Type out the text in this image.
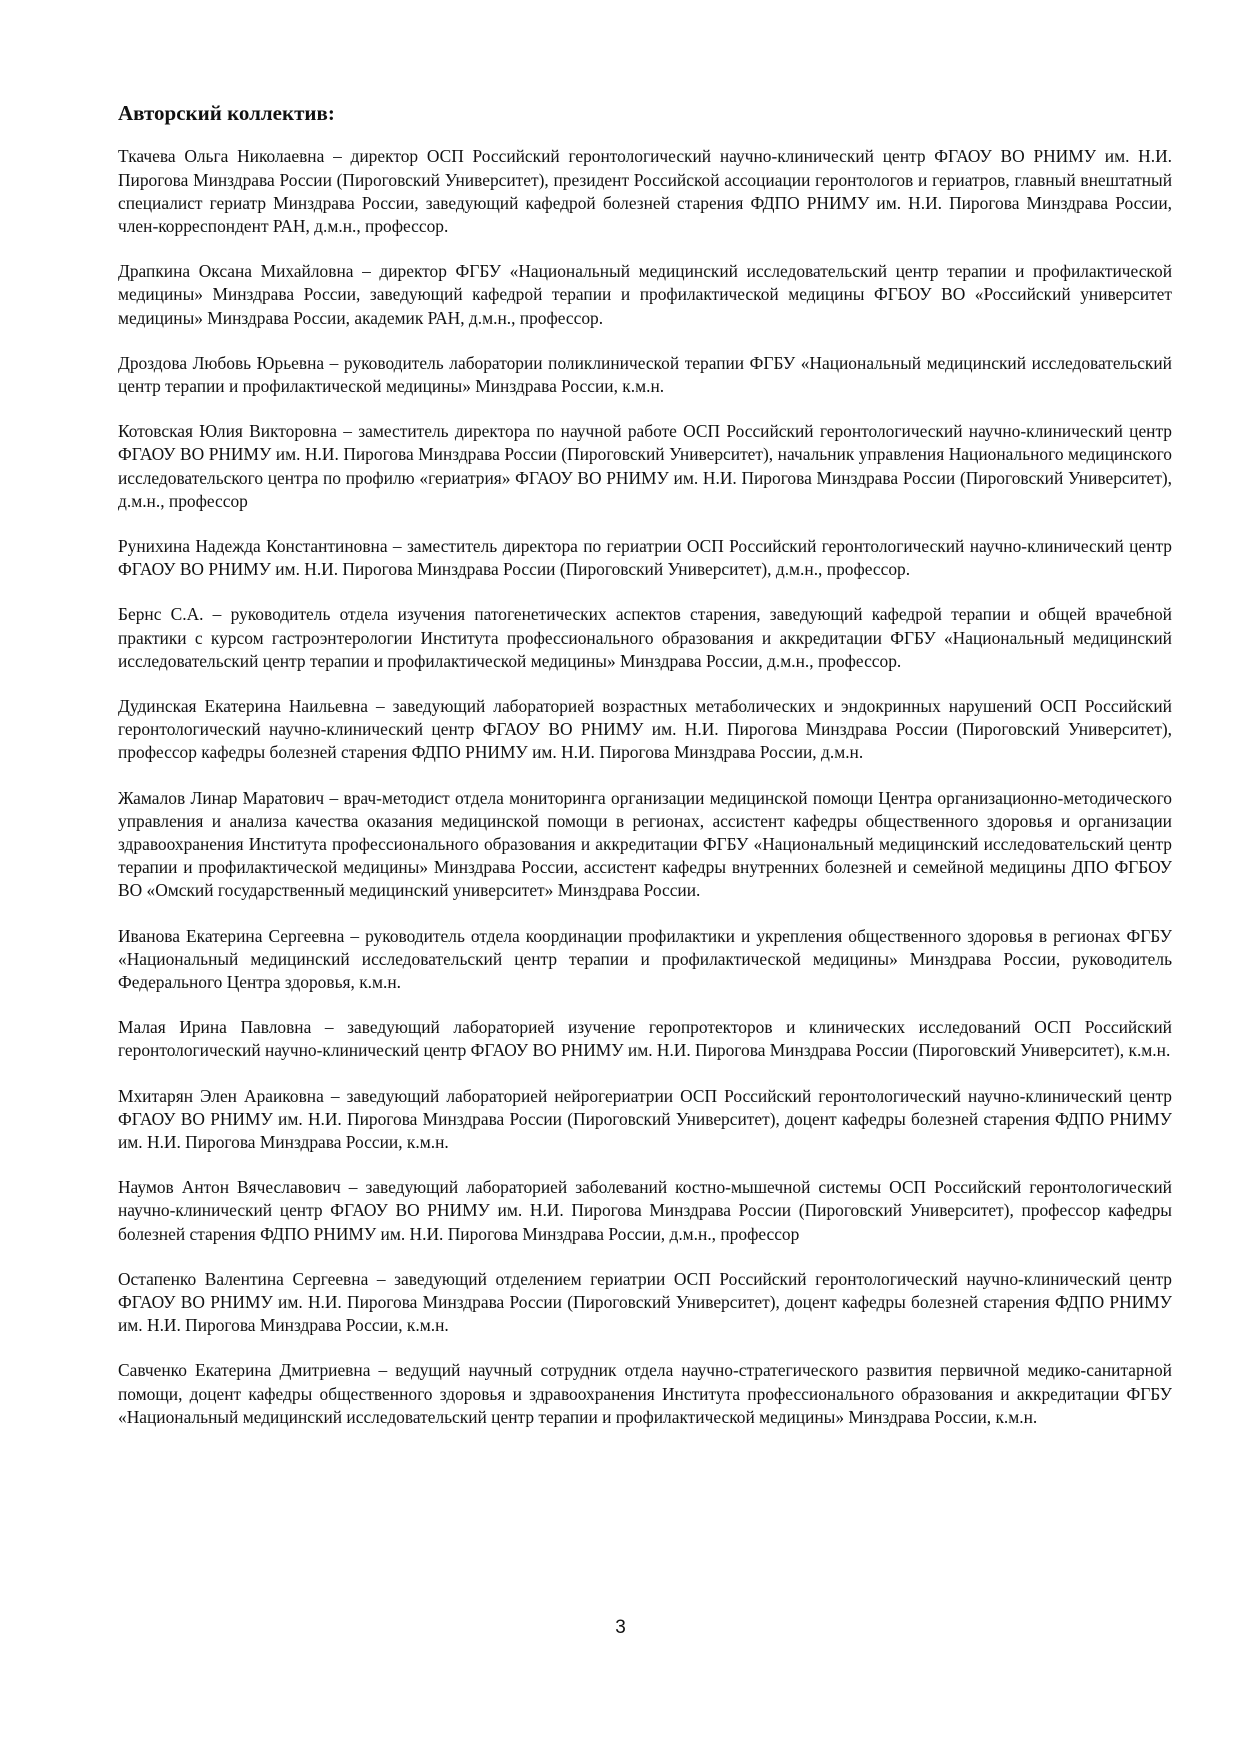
Авторский коллектив:

Ткачева Ольга Николаевна – директор ОСП Российский геронтологический научно-клинический центр ФГАОУ ВО РНИМУ им. Н.И. Пирогова Минздрава России (Пироговский Университет), президент Российской ассоциации геронтологов и гериатров, главный внештатный специалист гериатр Минздрава России, заведующий кафедрой болезней старения ФДПО РНИМУ им. Н.И. Пирогова Минздрава России, член-корреспондент РАН, д.м.н., профессор.

Драпкина Оксана Михайловна – директор ФГБУ «Национальный медицинский исследовательский центр терапии и профилактической медицины» Минздрава России, заведующий кафедрой терапии и профилактической медицины ФГБОУ ВО «Российский университет медицины» Минздрава России, академик РАН, д.м.н., профессор.

Дроздова Любовь Юрьевна – руководитель лаборатории поликлинической терапии ФГБУ «Национальный медицинский исследовательский центр терапии и профилактической медицины» Минздрава России, к.м.н.

Котовская Юлия Викторовна – заместитель директора по научной работе ОСП Российский геронтологический научно-клинический центр ФГАОУ ВО РНИМУ им. Н.И. Пирогова Минздрава России (Пироговский Университет), начальник управления Национального медицинского исследовательского центра по профилю «гериатрия» ФГАОУ ВО РНИМУ им. Н.И. Пирогова Минздрава России (Пироговский Университет), д.м.н., профессор

Рунихина Надежда Константиновна – заместитель директора по гериатрии ОСП Российский геронтологический научно-клинический центр ФГАОУ ВО РНИМУ им. Н.И. Пирогова Минздрава России (Пироговский Университет), д.м.н., профессор.

Бернс С.А. – руководитель отдела изучения патогенетических аспектов старения, заведующий кафедрой терапии и общей врачебной практики с курсом гастроэнтерологии Института профессионального образования и аккредитации ФГБУ «Национальный медицинский исследовательский центр терапии и профилактической медицины» Минздрава России, д.м.н., профессор.

Дудинская Екатерина Наильевна – заведующий лабораторией возрастных метаболических и эндокринных нарушений ОСП Российский геронтологический научно-клинический центр ФГАОУ ВО РНИМУ им. Н.И. Пирогова Минздрава России (Пироговский Университет), профессор кафедры болезней старения ФДПО РНИМУ им. Н.И. Пирогова Минздрава России, д.м.н.

Жамалов Линар Маратович – врач-методист отдела мониторинга организации медицинской помощи Центра организационно-методического управления и анализа качества оказания медицинской помощи в регионах, ассистент кафедры общественного здоровья и организации здравоохранения Института профессионального образования и аккредитации ФГБУ «Национальный медицинский исследовательский центр терапии и профилактической медицины» Минздрава России, ассистент кафедры внутренних болезней и семейной медицины ДПО ФГБОУ ВО «Омский государственный медицинский университет» Минздрава России.

Иванова Екатерина Сергеевна – руководитель отдела координации профилактики и укрепления общественного здоровья в регионах ФГБУ «Национальный медицинский исследовательский центр терапии и профилактической медицины» Минздрава России, руководитель Федерального Центра здоровья, к.м.н.

Малая Ирина Павловна – заведующий лабораторией изучение геропротекторов и клинических исследований ОСП Российский геронтологический научно-клинический центр ФГАОУ ВО РНИМУ им. Н.И. Пирогова Минздрава России (Пироговский Университет), к.м.н.

Мхитарян Элен Араиковна – заведующий лабораторией нейрогериатрии ОСП Российский геронтологический научно-клинический центр ФГАОУ ВО РНИМУ им. Н.И. Пирогова Минздрава России (Пироговский Университет), доцент кафедры болезней старения ФДПО РНИМУ им. Н.И. Пирогова Минздрава России, к.м.н.

Наумов Антон Вячеславович – заведующий лабораторией заболеваний костно-мышечной системы ОСП Российский геронтологический научно-клинический центр ФГАОУ ВО РНИМУ им. Н.И. Пирогова Минздрава России (Пироговский Университет), профессор кафедры болезней старения ФДПО РНИМУ им. Н.И. Пирогова Минздрава России, д.м.н., профессор

Остапенко Валентина Сергеевна – заведующий отделением гериатрии ОСП Российский геронтологический научно-клинический центр ФГАОУ ВО РНИМУ им. Н.И. Пирогова Минздрава России (Пироговский Университет), доцент кафедры болезней старения ФДПО РНИМУ им. Н.И. Пирогова Минздрава России, к.м.н.

Савченко Екатерина Дмитриевна – ведущий научный сотрудник отдела научно-стратегического развития первичной медико-санитарной помощи, доцент кафедры общественного здоровья и здравоохранения Института профессионального образования и аккредитации ФГБУ «Национальный медицинский исследовательский центр терапии и профилактической медицины» Минздрава России, к.м.н.

3
